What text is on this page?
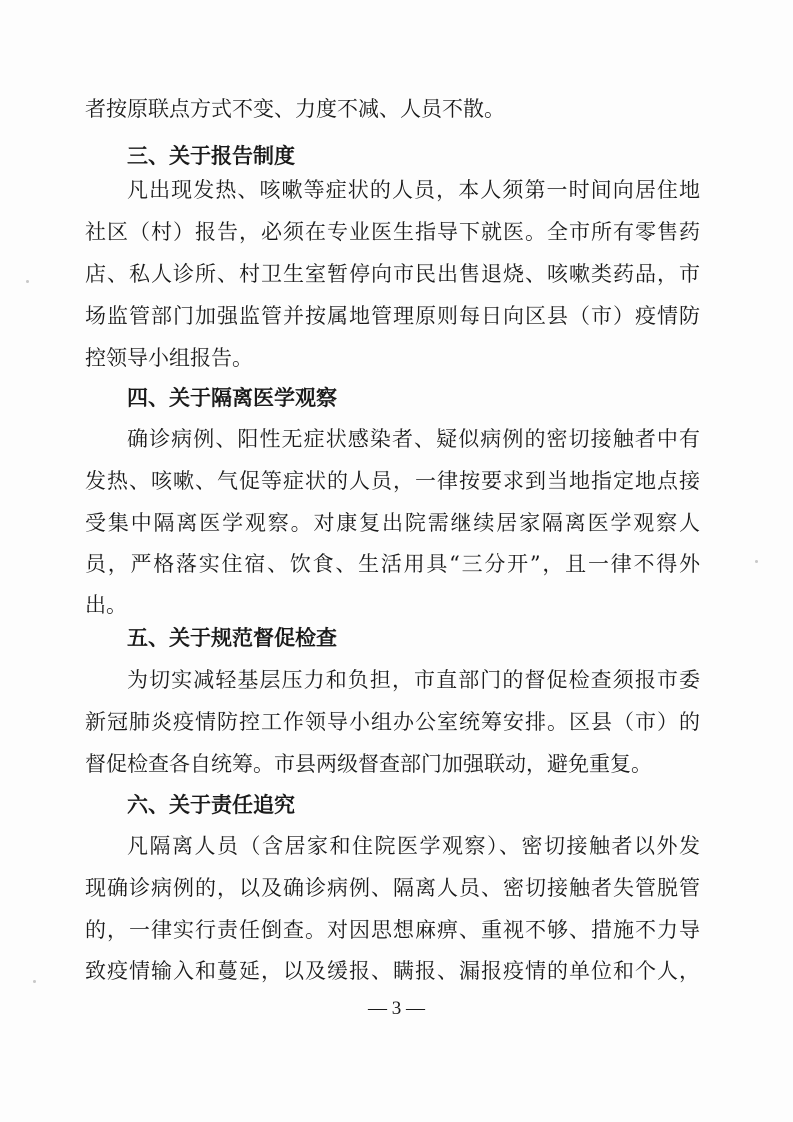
者按原联点方式不变、力度不减、人员不散。
三、关于报告制度
凡出现发热、咳嗽等症状的人员，本人须第一时间向居住地
社区（村）报告，必须在专业医生指导下就医。全市所有零售药
店、私人诊所、村卫生室暂停向市民出售退烧、咳嗽类药品，市
场监管部门加强监管并按属地管理原则每日向区县（市）疫情防
控领导小组报告。
四、关于隔离医学观察
确诊病例、阳性无症状感染者、疑似病例的密切接触者中有
发热、咳嗽、气促等症状的人员，一律按要求到当地指定地点接
受集中隔离医学观察。对康复出院需继续居家隔离医学观察人
员，严格落实住宿、饮食、生活用具“三分开”，且一律不得外
出。
五、关于规范督促检查
为切实减轻基层压力和负担，市直部门的督促检查须报市委
新冠肺炎疫情防控工作领导小组办公室统筹安排。区县（市）的
督促检查各自统筹。市县两级督查部门加强联动，避免重复。
六、关于责任追究
凡隔离人员（含居家和住院医学观察）、密切接触者以外发
现确诊病例的，以及确诊病例、隔离人员、密切接触者失管脱管
的，一律实行责任倒查。对因思想麻痹、重视不够、措施不力导
致疫情输入和蔓延，以及缓报、瞒报、漏报疫情的单位和个人，
— 3 —
